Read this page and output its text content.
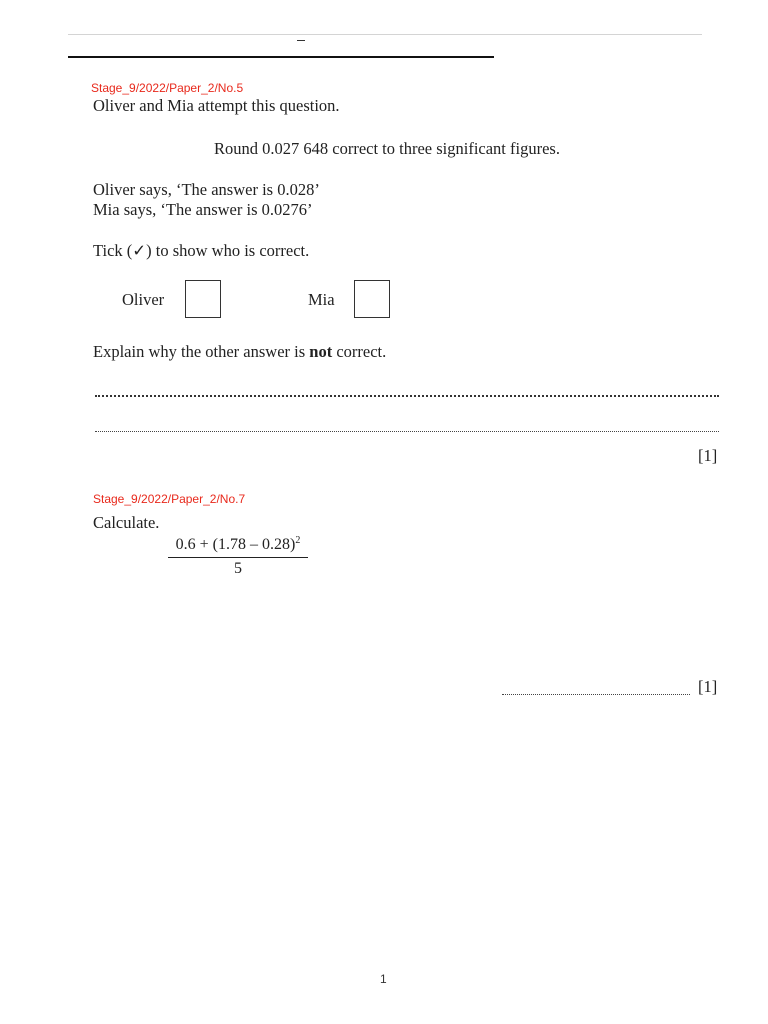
Stage_9/2022/Paper_2/No.5
Oliver and Mia attempt this question.
Round 0.027 648 correct to three significant figures.
Oliver says, ‘The answer is 0.028’
Mia says, ‘The answer is 0.0276’
Tick (✓) to show who is correct.
Oliver	Mia
Explain why the other answer is not correct.
[1]
Stage_9/2022/Paper_2/No.7
Calculate.
0.6 + (1.78 – 0.28)$^2$
5
[1]
1
